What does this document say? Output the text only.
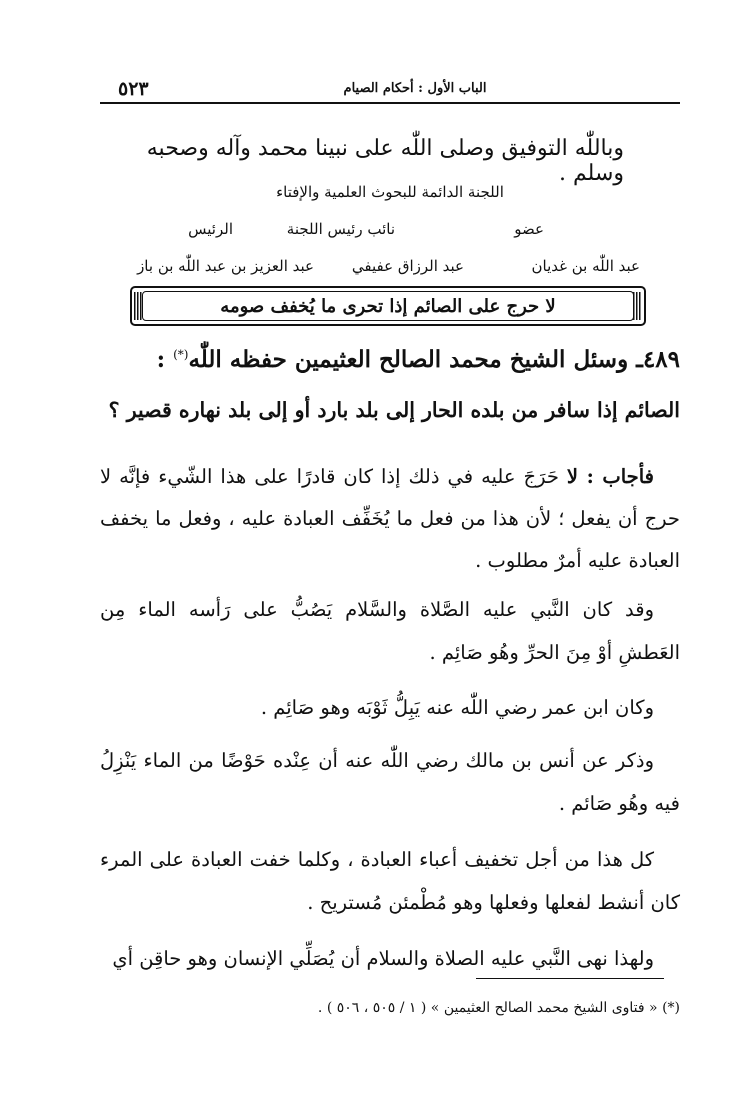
٥٢٣	الباب الأول : أحكام الصيام
وباللّٰه التوفيق وصلى اللّٰه على نبينا محمد وآله وصحبه وسلم .
اللجنة الدائمة للبحوث العلمية والإفتاء
عضو
نائب رئيس اللجنة
الرئيس
عبد اللّٰه بن غديان
عبد الرزاق عفيفي
عبد العزيز بن عبد اللّٰه بن باز
لا حرج على الصائم إذا تحرى ما يُخفف صومه
٤٨٩ـ وسئل الشيخ محمد الصالح العثيمين حفظه اللّٰه(*) :
الصائم إذا سافر من بلده الحار إلى بلد بارد أو إلى بلد نهاره قصير ؟
فأجاب : لا حَرَجَ عليه في ذلك إذا كان قادرًا على هذا الشّيء فإنَّه لا حرج أن يفعل ؛ لأن هذا من فعل ما يُخَفِّف العبادة عليه ، وفعل ما يخفف العبادة عليه أمرٌ مطلوب .
وقد كان النَّبي عليه الصَّلاة والسَّلام يَصُبُّ على رَأسه الماء مِن العَطشِ أوْ مِنَ الحرِّ وهُو صَائِم .
وكان ابن عمر رضي اللّٰه عنه يَبِلُّ ثَوْبَه وهو صَائِم .
وذكر عن أنس بن مالك رضي اللّٰه عنه أن عِنْده حَوْضًا من الماء يَنْزِلُ فيه وهُو صَائم .
كل هذا من أجل تخفيف أعباء العبادة ، وكلما خفت العبادة على المرء كان أنشط لفعلها وفعلها وهو مُطْمئن مُستريح .
ولهذا نهى النَّبي عليه الصلاة والسلام أن يُصَلِّي الإنسان وهو حاقِن أي
(*) « فتاوى الشيخ محمد الصالح العثيمين » ( ١ / ٥٠٥ ، ٥٠٦ ) .
